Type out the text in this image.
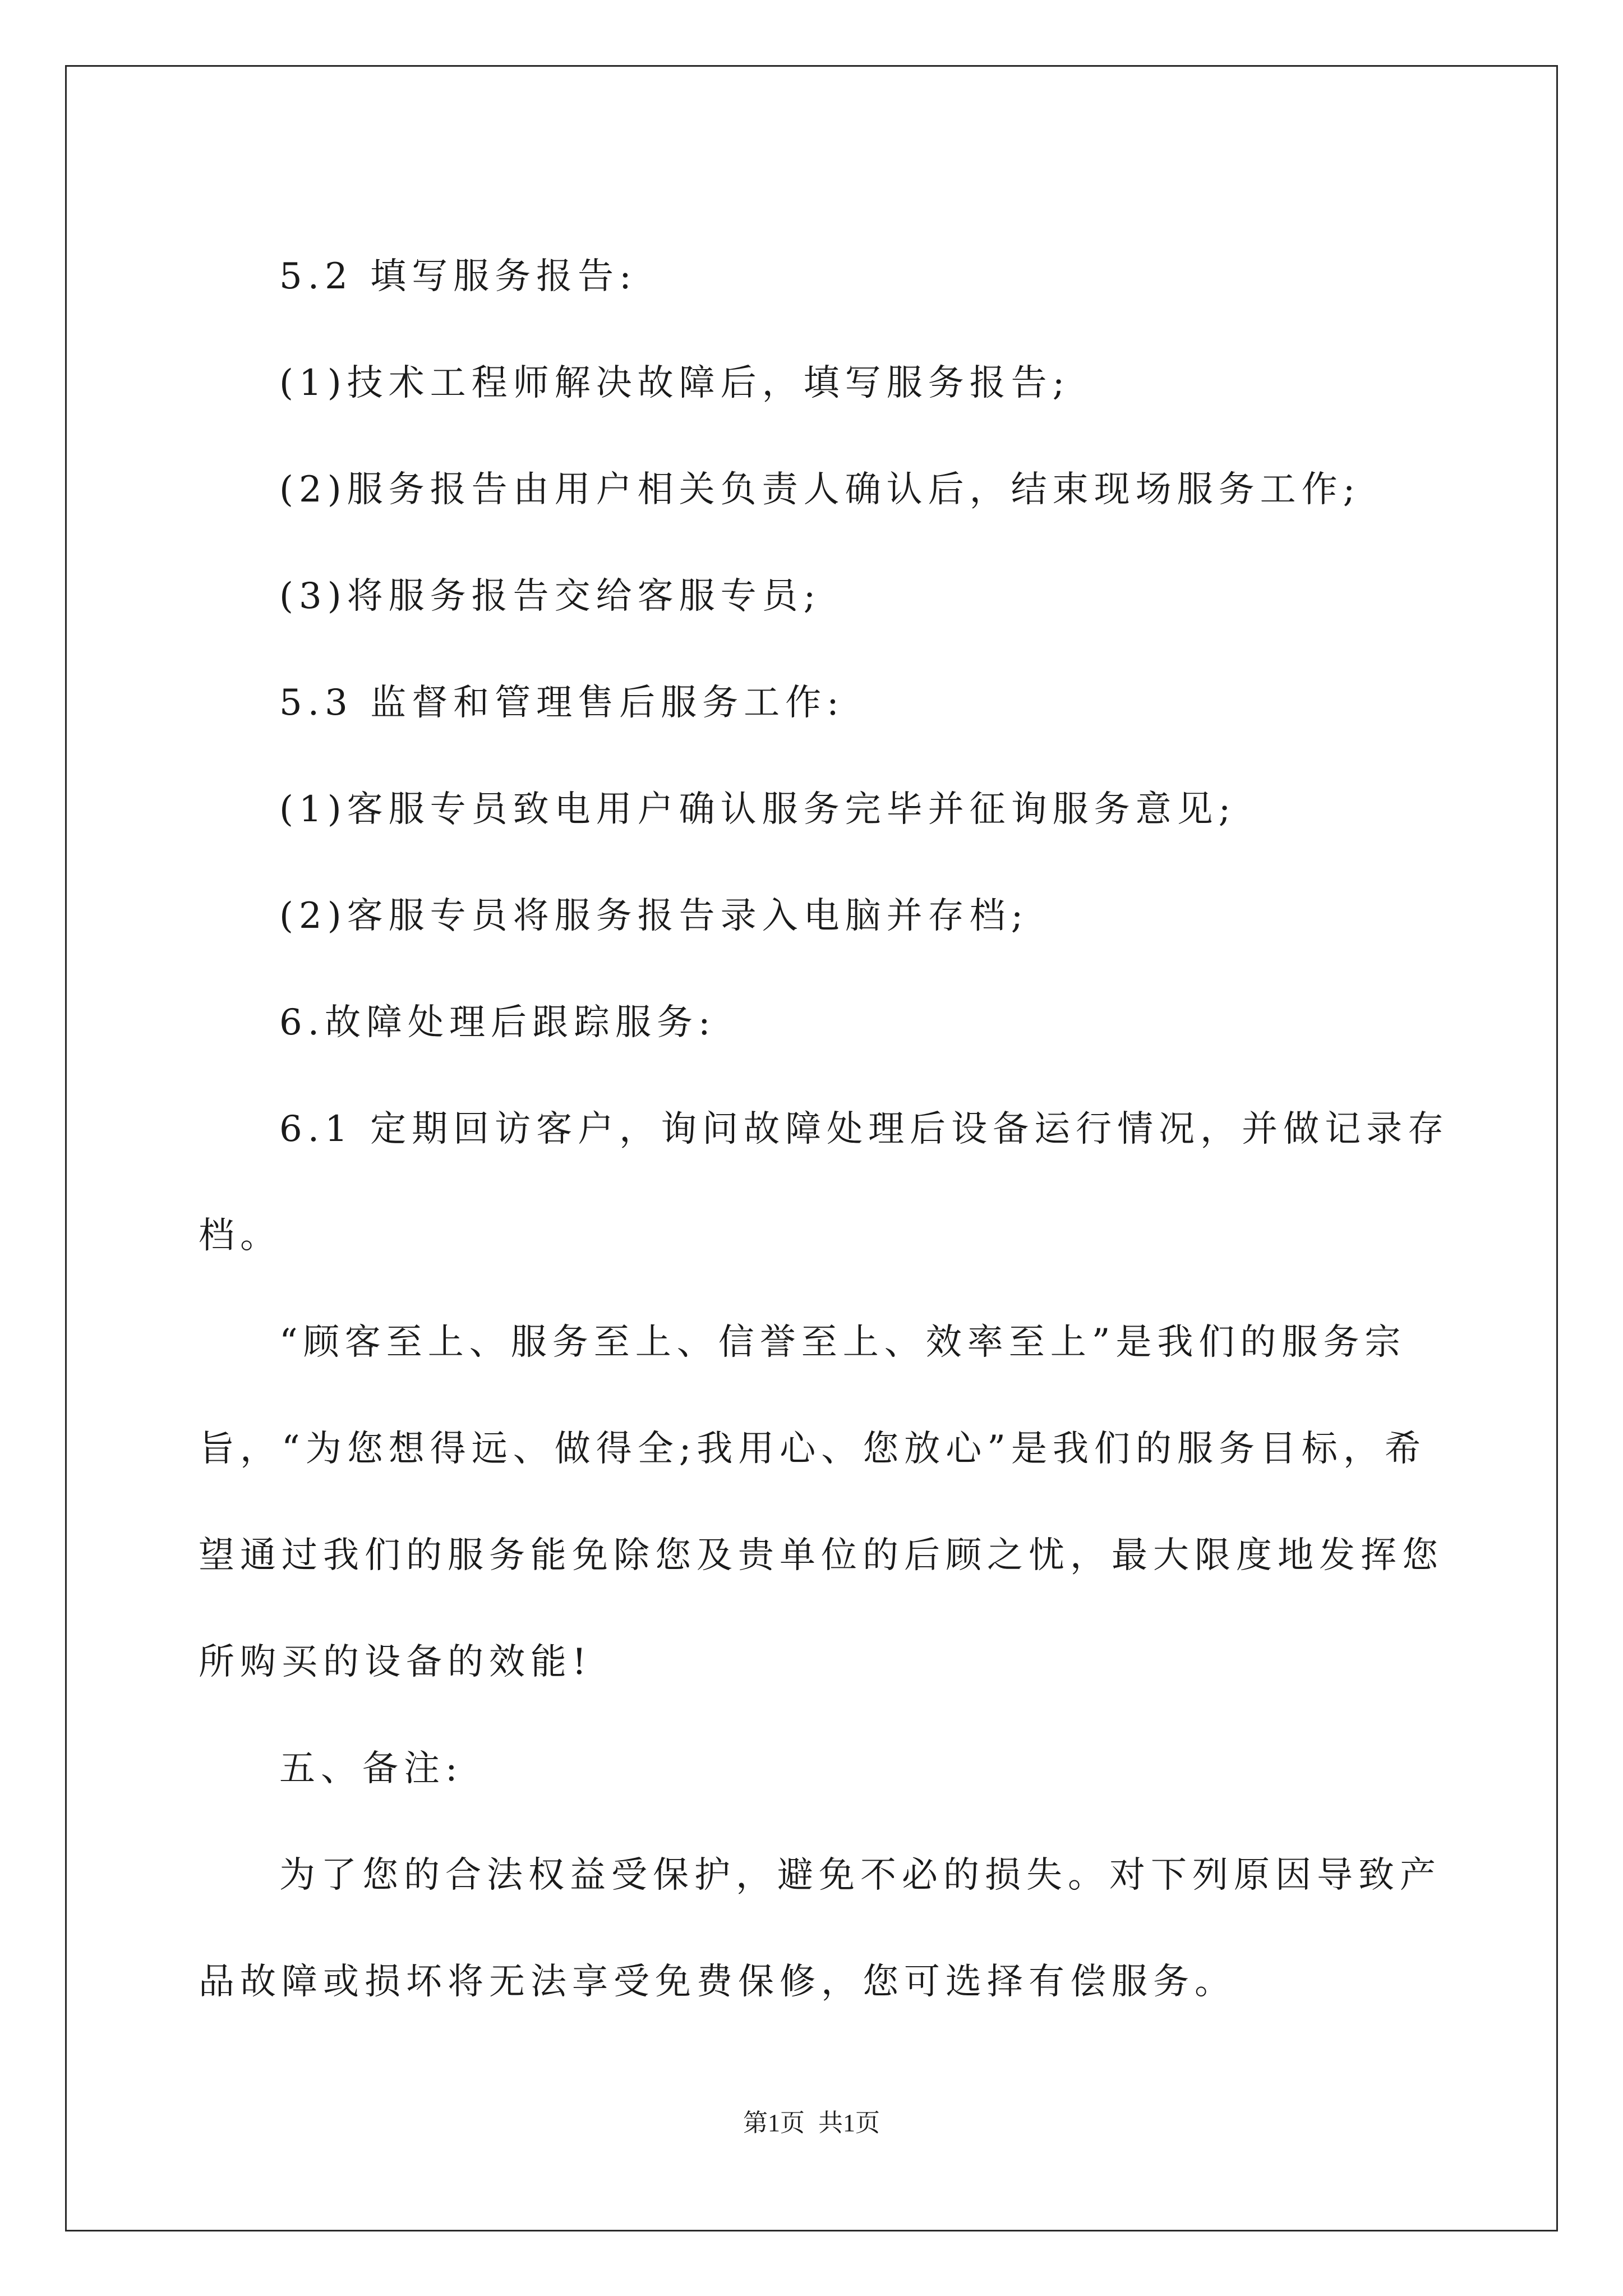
5.2 填写服务报告:

(1)技术工程师解决故障后，填写服务报告;

(2)服务报告由用户相关负责人确认后，结束现场服务工作;

(3)将服务报告交给客服专员;

5.3 监督和管理售后服务工作:

(1)客服专员致电用户确认服务完毕并征询服务意见;

(2)客服专员将服务报告录入电脑并存档;

6.故障处理后跟踪服务:

6.1 定期回访客户，询问故障处理后设备运行情况，并做记录存

档。

“顾客至上、服务至上、信誉至上、效率至上”是我们的服务宗

旨，“为您想得远、做得全;我用心、您放心”是我们的服务目标，希

望通过我们的服务能免除您及贵单位的后顾之忧，最大限度地发挥您

所购买的设备的效能!

五、备注:

为了您的合法权益受保护，避免不必的损失。对下列原因导致产

品故障或损坏将无法享受免费保修，您可选择有偿服务。

第1页 共1页
